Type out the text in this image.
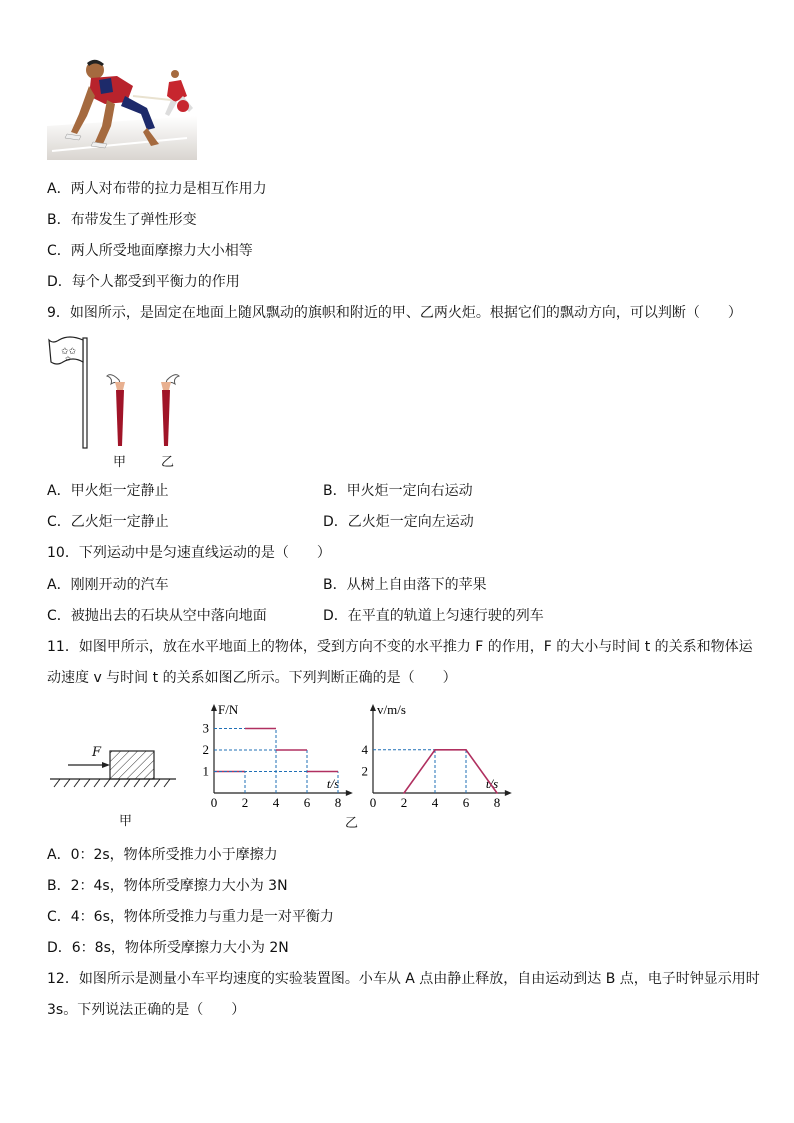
A．两人对布带的拉力是相互作用力
B．布带发生了弹性形变
C．两人所受地面摩擦力大小相等
D．每个人都受到平衡力的作用
9．如图所示，是固定在地面上随风飘动的旗帜和附近的甲、乙两火炬。根据它们的飘动方向，可以判断（　　）
✩✩
✩
甲	乙
A．甲火炬一定静止	B．甲火炬一定向右运动
C．乙火炬一定静止	D．乙火炬一定向左运动
10．下列运动中是匀速直线运动的是（　　）
A．刚刚开动的汽车	B．从树上自由落下的苹果
C．被抛出去的石块从空中落向地面	D．在平直的轨道上匀速行驶的列车
11．如图甲所示，放在水平地面上的物体，受到方向不变的水平推力 F 的作用，F 的大小与时间 t 的关系和物体运
动速度 v 与时间 t 的关系如图乙所示。下列判断正确的是（　　）
F
甲
0 2 4 6 8
1
2
3
F/N
t/s
0 2 4 6 8
2
4
v/m/s
t/s
乙
A．0：2s，物体所受推力小于摩擦力
B．2：4s，物体所受摩擦力大小为 3N
C．4：6s，物体所受推力与重力是一对平衡力
D．6：8s，物体所受摩擦力大小为 2N
12．如图所示是测量小车平均速度的实验装置图。小车从 A 点由静止释放，自由运动到达 B 点，电子时钟显示用时
3s。下列说法正确的是（　　）
